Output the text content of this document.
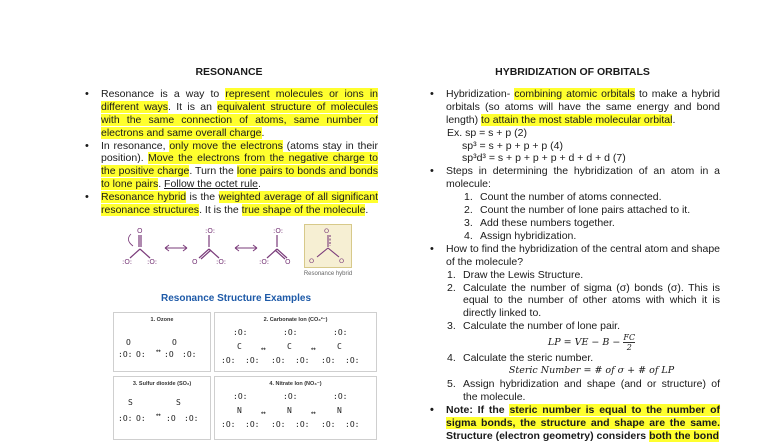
RESONANCE
• Resonance is a way to represent molecules or ions in different ways. It is an equivalent structure of molecules with the same connection of atoms, same number of electrons and same overall charge.
• In resonance, only move the electrons (atoms stay in their position). Move the electrons from the negative charge to the positive charge. Turn the lone pairs to bonds and bonds to lone pairs. Follow the octet rule.
• Resonance hybrid is the weighted average of all significant resonance structures. It is the true shape of the molecule.
O
:O: :O:
:O:
O	:O:
:O:
:O: O
O
O	O
Resonance hybrid
Resonance Structure Examples
1. Ozone
O
:O: O:
O
:O :O:
↔
2. Carbonate Ion (CO₃²⁻)
:O:
C
:O: :O:
↔
:O:
C
:O: :O:
↔
:O:
C
:O: :O:
3. Sulfur dioxide (SO₂)
S
:O: O: ↔
S
:O :O:
4. Nitrate Ion (NO₃⁻)
:O:
N
:O: :O:
↔
:O:
N
:O: :O:
↔
:O:
N
:O: :O:
HYBRIDIZATION OF ORBITALS
• Hybridization- combining atomic orbitals to make a hybrid orbitals (so atoms will have the same energy and bond length) to attain the most stable molecular orbital.
Ex. sp = s + p (2)
sp³ = s + p + p + p (4)
sp³d³ = s + p + p + p + d + d + d (7)
• Steps in determining the hybridization of an atom in a molecule:
1. Count the number of atoms connected.
2. Count the number of lone pairs attached to it.
3. Add these numbers together.
4. Assign hybridization.
• How to find the hybridization of the central atom and shape of the molecule?
1. Draw the Lewis Structure.
2. Calculate the number of sigma (σ) bonds (σ). This is equal to the number of other atoms with which it is directly linked to.
3. Calculate the number of lone pair.
LP = VE − $B - \frac{FC}{2}$
4. Calculate the steric number.
Steric Number = # of σ + # of LP
5. Assign hybridization and shape (and or structure) of the molecule.
• Note: If the steric number is equal to the number of sigma bonds, the structure and shape are the same. Structure (electron geometry) considers both the bond
